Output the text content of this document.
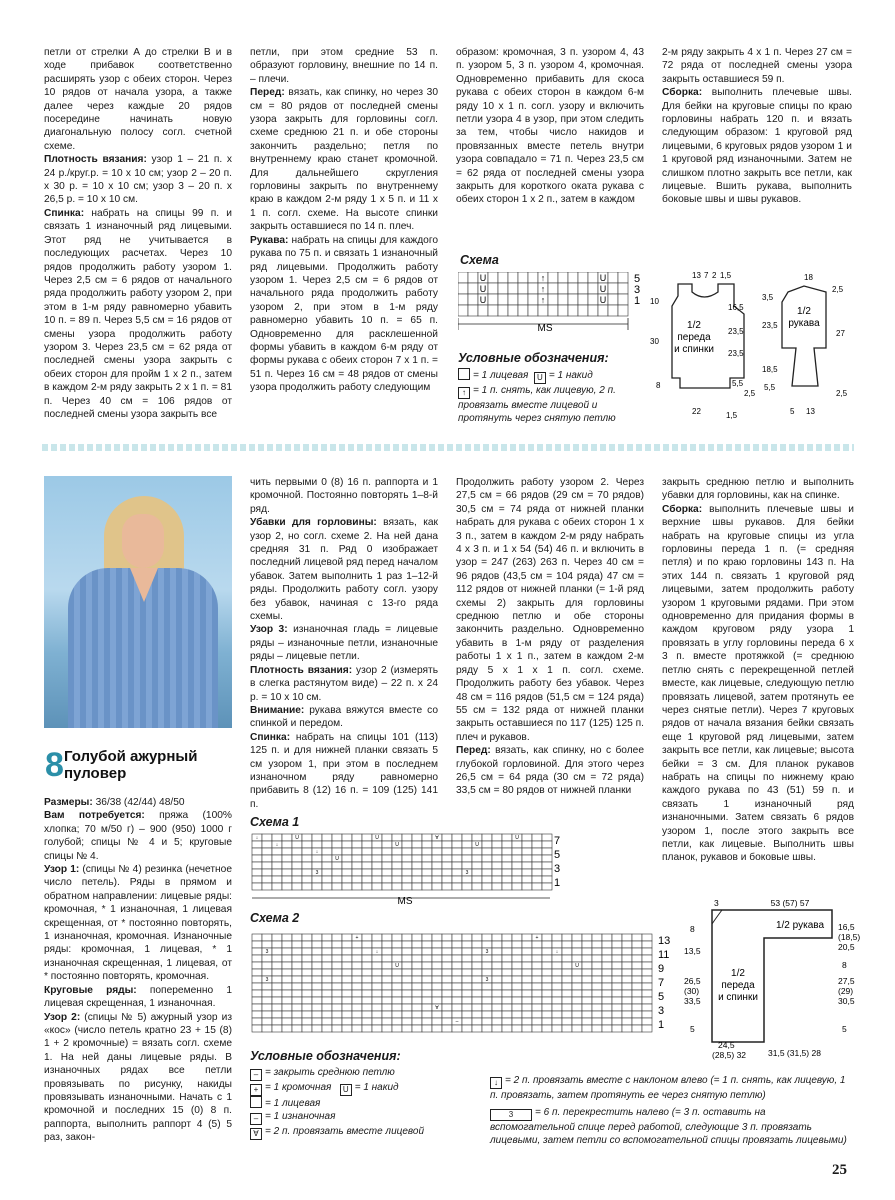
петли от стрелки А до стрелки В и в ходе прибавок соответственно расширять узор с обеих сторон. Через 10 рядов от начала узора, а также далее через каждые 20 рядов посередине начинать новую диагональную полосу согл. счетной схеме.

Плотность вязания: узор 1 – 21 п. x 24 р./круг.р. = 10 x 10 см; узор 2 – 20 п. x 30 р. = 10 x 10 см; узор 3 – 20 п. x 26,5 р. = 10 x 10 см.

Спинка: набрать на спицы 99 п. и связать 1 изнаночный ряд лицевыми. Этот ряд не учитывается в последующих расчетах. Через 10 рядов продолжить работу узором 1. Через 2,5 см = 6 рядов от начального ряда продолжить работу узором 2, при этом в 1-м ряду равномерно убавить 10 п. = 89 п. Через 5,5 см = 16 рядов от смены узора продолжить работу узором 3. Через 23,5 см = 62 ряда от последней смены узора закрыть с обеих сторон для пройм 1 x 2 п., затем в каждом 2-м ряду закрыть 2 x 1 п. = 81 п. Через 40 см = 106 рядов от последней смены узора закрыть все

петли, при этом средние 53 п. образуют горловину, внешние по 14 п. – плечи.

Перед: вязать, как спинку, но через 30 см = 80 рядов от последней смены узора закрыть для горловины согл. схеме среднюю 21 п. и обе стороны закончить раздельно; петля по внутреннему краю станет кромочной. Для дальнейшего скругления горловины закрыть по внутреннему краю в каждом 2-м ряду 1 x 5 п. и 11 x 1 п. согл. схеме. На высоте спинки закрыть оставшиеся по 14 п. плеч.

Рукава: набрать на спицы для каждого рукава по 75 п. и связать 1 изнаночный ряд лицевыми. Продолжить работу узором 1. Через 2,5 см = 6 рядов от начального ряда продолжить работу узором 2, при этом в 1-м ряду равномерно убавить 10 п. = 65 п. Одновременно для расклешенной формы убавить в каждом 6-м ряду от формы рукава с обеих сторон 7 x 1 п. = 51 п. Через 16 см = 48 рядов от смены узора продолжить работу следующим

образом: кромочная, 3 п. узором 4, 43 п. узором 5, 3 п. узором 4, кромочная. Одновременно прибавить для скоса рукава с обеих сторон в каждом 6-м ряду 10 x 1 п. согл. узору и включить петли узора 4 в узор, при этом следить за тем, чтобы число накидов и провязанных вместе петель внутри узора совпадало = 71 п. Через 23,5 см = 62 ряда от последней смены узора закрыть для короткого оката рукава с обеих сторон 1 x 2 п., затем в каждом

2-м ряду закрыть 4 x 1 п. Через 27 см = 72 ряда от последней смены узора закрыть оставшиеся 59 п.

Сборка: выполнить плечевые швы. Для бейки на круговые спицы по краю горловины набрать 120 п. и вязать следующим образом: 1 круговой ряд лицевыми, 6 круговых рядов узором 1 и 1 круговой ряд изнаночными. Затем не слишком плотно закрыть все петли, как лицевые. Вшить рукава, выполнить боковые швы и швы рукавов.

Схема
U
U
U
↑
↑
↑
U
U
U
MS
5
3
1
Условные обозначения:
= 1 лицевая U = 1 накид
↑ = 1 п. снять, как лицевую, 2 п. провязать вместе лицевой и протянуть через снятую петлю
13 7 2 1,5
10
16,5
23,5
30
23,5
8	5,5
2,5
22	1,5
1/2
переда
и спинки
18
3,5
2,5
23,5
27
18,5
5,5
2,5
5 13
1/2
рукава
8 Голубой ажурный
пуловер

Размеры: 36/38 (42/44) 48/50

Вам потребуется: пряжа (100% хлопка; 70 м/50 г) – 900 (950) 1000 г голубой; спицы № 4 и 5; круговые спицы № 4.

Узор 1: (спицы № 4) резинка (нечетное число петель). Ряды в прямом и обратном направлении: лицевые ряды: кромочная, * 1 изнаночная, 1 лицевая скрещенная, от * постоянно повторять, 1 изнаночная, кромочная. Изнаночные ряды: кромочная, 1 лицевая, * 1 изнаночная скрещенная, 1 лицевая, от * постоянно повторять, кромочная.

Круговые ряды: попеременно 1 лицевая скрещенная, 1 изнаночная.

Узор 2: (спицы № 5) ажурный узор из «кос» (число петель кратно 23 + 15 (8) 1 + 2 кромочные) = вязать согл. схеме 1. На ней даны лицевые ряды. В изнаночных рядах все петли провязывать по рисунку, накиды провязывать изнаночными. Начать с 1 кромочной и последних 15 (0) 8 п. раппорта, выполнить раппорт 4 (5) 5 раз, закон-

чить первыми 0 (8) 16 п. раппорта и 1 кромочной. Постоянно повторять 1–8-й ряд.

Убавки для горловины: вязать, как узор 2, но согл. схеме 2. На ней дана средняя 31 п. Ряд 0 изображает последний лицевой ряд перед началом убавок. Затем выполнить 1 раз 1–12-й ряды. Продолжить работу согл. узору без убавок, начиная с 13-го ряда схемы.

Узор 3: изнаночная гладь = лицевые ряды – изнаночные петли, изнаночные ряды – лицевые петли.

Плотность вязания: узор 2 (измерять в слегка растянутом виде) – 22 п. x 24 р. = 10 x 10 см.

Внимание: рукава вяжутся вместе со спинкой и передом.

Спинка: набрать на спицы 101 (113) 125 п. и для нижней планки связать 5 см узором 1, при этом в последнем изнаночном ряду равномерно прибавить 8 (12) 16 п. = 109 (125) 141 п.

Продолжить работу узором 2. Через 27,5 см = 66 рядов (29 см = 70 рядов) 30,5 см = 74 ряда от нижней планки набрать для рукава с обеих сторон 1 x 3 п., затем в каждом 2-м ряду набрать 4 x 3 п. и 1 x 54 (54) 46 п. и включить в узор = 247 (263) 263 п. Через 40 см = 96 рядов (43,5 см = 104 ряда) 47 см = 112 рядов от нижней планки (= 1-й ряд схемы 2) закрыть для горловины среднюю петлю и обе стороны закончить раздельно. Одновременно убавить в 1-м ряду от разделения работы 1 x 1 п., затем в каждом 2-м ряду 5 x 1 x 1 п. согл. схеме. Продолжить работу без убавок. Через 48 см = 116 рядов (51,5 см = 124 ряда) 55 см = 132 ряда от нижней планки закрыть оставшиеся по 117 (125) 125 п. плеч и рукавов.

Перед: вязать, как спинку, но с более глубокой горловиной. Для этого через 26,5 см = 64 ряда (30 см = 72 ряда) 33,5 см = 80 рядов от нижней планки

закрыть среднюю петлю и выполнить убавки для горловины, как на спинке.

Сборка: выполнить плечевые швы и верхние швы рукавов. Для бейки набрать на круговые спицы из угла горловины переда 1 п. (= средняя петля) и по краю горловины 143 п. На этих 144 п. связать 1 круговой ряд лицевыми, затем продолжить работу узором 1 круговыми рядами. При этом одновременно для придания формы в каждом круговом ряду узора 1 провязать в углу горловины переда 6 x 3 п. вместе протяжкой (= среднюю петлю снять с перекрещенной петлей вместе, как лицевые, следующую петлю провязать лицевой, затем протянуть ее через снятые петли). Через 7 круговых рядов от начала вязания бейки связать еще 1 круговой ряд лицевыми, затем закрыть все петли, как лицевые; высота бейки = 3 см. Для планок рукавов набрать на спицы по нижнему краю каждого рукава по 43 (51) 59 п. и связать 1 изнаночный ряд изнаночными. Затем связать 6 рядов узором 1, после этого закрыть все петли, как лицевые. Выполнить швы планок, рукавов и боковые швы.

Схема 1
↓
↓
U
↓
U
U
U
∀
3	3
U
U
MS
7
5
3
1
Схема 2
3
3
3
3
+
↓
U
+
↓
U
∀
–
13
11
9
7
5
3
1
Условные обозначения:
– = закрыть среднюю петлю
+ = 1 кромочная U = 1 накид
= 1 лицевая
– = 1 изнаночная
∀ = 2 п. провязать вместе лицевой
↓ = 2 п. провязать вместе с наклоном влево (= 1 п. снять, как лицевую, 1 п. провязать, затем протянуть ее через снятую петлю)
3 = 6 п. перекрестить налево (= 3 п. оставить на вспомогательной спице перед работой, следующие 3 п. провязать лицевыми, затем петли со вспомогательной спицы провязать лицевыми)
53 (57) 57
1/2 рукава
1/2
переда
и спинки
3
8
13,5
26,5
(30)
33,5
5
16,5
(18,5)
20,5
8
27,5
(29)
30,5
5
24,5
(28,5) 32	31,5 (31,5) 28
25
